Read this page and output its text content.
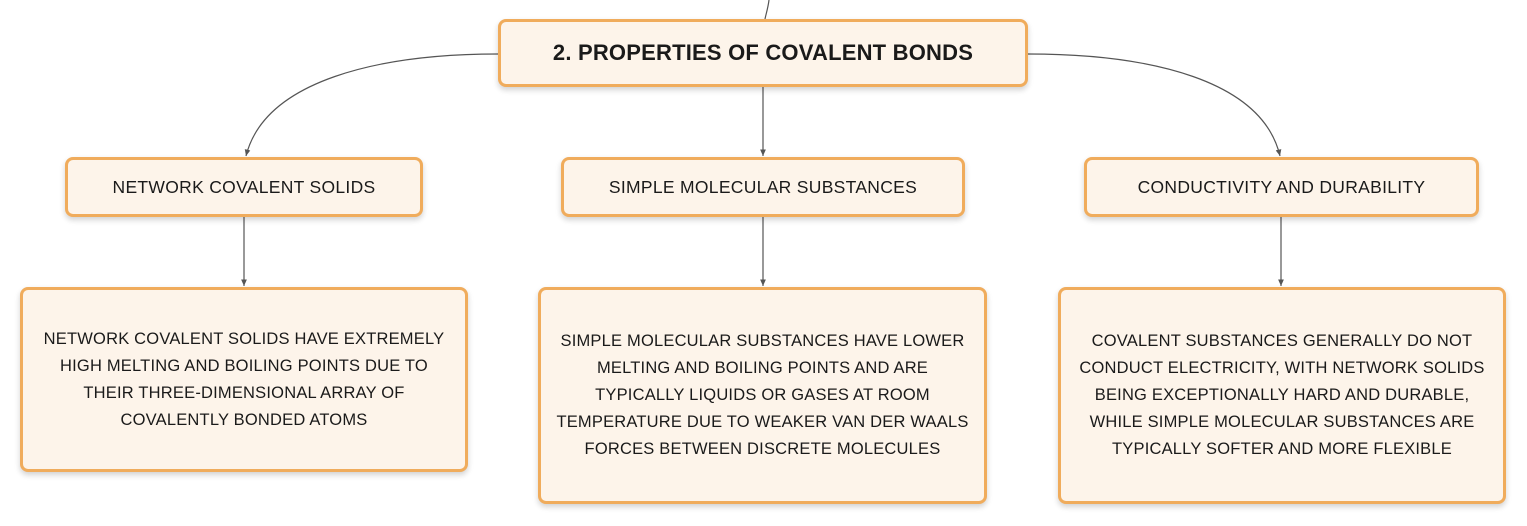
2. PROPERTIES OF COVALENT BONDS
NETWORK COVALENT SOLIDS	SIMPLE MOLECULAR SUBSTANCES	CONDUCTIVITY AND DURABILITY
NETWORK COVALENT SOLIDS HAVE EXTREMELY HIGH MELTING AND BOILING POINTS DUE TO THEIR THREE-DIMENSIONAL ARRAY OF COVALENTLY BONDED ATOMS
SIMPLE MOLECULAR SUBSTANCES HAVE LOWER MELTING AND BOILING POINTS AND ARE TYPICALLY LIQUIDS OR GASES AT ROOM TEMPERATURE DUE TO WEAKER VAN DER WAALS FORCES BETWEEN DISCRETE MOLECULES
COVALENT SUBSTANCES GENERALLY DO NOT CONDUCT ELECTRICITY, WITH NETWORK SOLIDS BEING EXCEPTIONALLY HARD AND DURABLE, WHILE SIMPLE MOLECULAR SUBSTANCES ARE TYPICALLY SOFTER AND MORE FLEXIBLE
